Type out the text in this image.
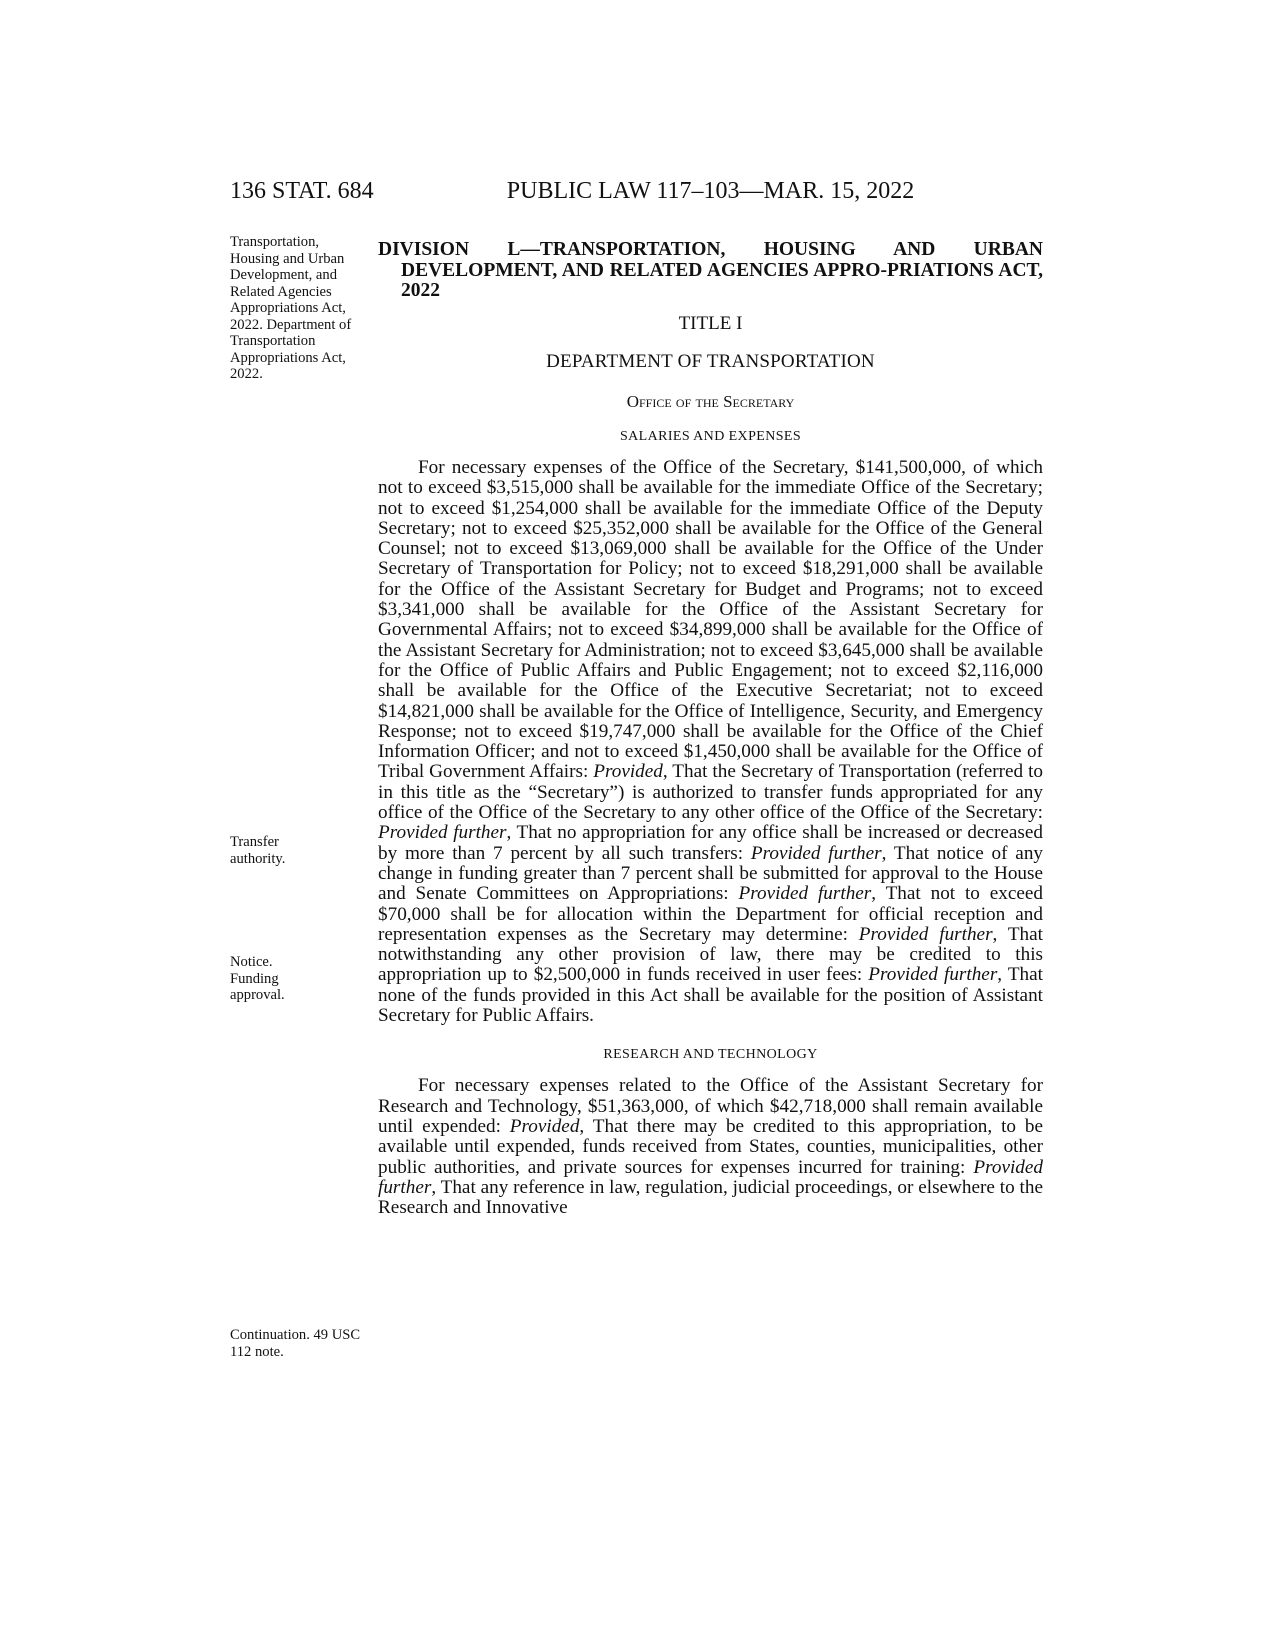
136 STAT. 684	PUBLIC LAW 117–103—MAR. 15, 2022
Transportation, Housing and Urban Development, and Related Agencies Appropriations Act, 2022. Department of Transportation Appropriations Act, 2022.
Transfer authority.
Notice. Funding approval.
Continuation. 49 USC 112 note.

DIVISION L—TRANSPORTATION, HOUSING AND URBAN DEVELOPMENT, AND RELATED AGENCIES APPRO-PRIATIONS ACT, 2022

TITLE I

DEPARTMENT OF TRANSPORTATION

Office of the Secretary

SALARIES AND EXPENSES

For necessary expenses of the Office of the Secretary, $141,500,000, of which not to exceed $3,515,000 shall be available for the immediate Office of the Secretary; not to exceed $1,254,000 shall be available for the immediate Office of the Deputy Secretary; not to exceed $25,352,000 shall be available for the Office of the General Counsel; not to exceed $13,069,000 shall be available for the Office of the Under Secretary of Transportation for Policy; not to exceed $18,291,000 shall be available for the Office of the Assistant Secretary for Budget and Programs; not to exceed $3,341,000 shall be available for the Office of the Assistant Secretary for Governmental Affairs; not to exceed $34,899,000 shall be available for the Office of the Assistant Secretary for Administration; not to exceed $3,645,000 shall be available for the Office of Public Affairs and Public Engagement; not to exceed $2,116,000 shall be available for the Office of the Executive Secretariat; not to exceed $14,821,000 shall be available for the Office of Intelligence, Security, and Emergency Response; not to exceed $19,747,000 shall be available for the Office of the Chief Information Officer; and not to exceed $1,450,000 shall be available for the Office of Tribal Government Affairs: Provided, That the Secretary of Transportation (referred to in this title as the “Secretary”) is authorized to transfer funds appropriated for any office of the Office of the Secretary to any other office of the Office of the Secretary: Provided further, That no appropriation for any office shall be increased or decreased by more than 7 percent by all such transfers: Provided further, That notice of any change in funding greater than 7 percent shall be submitted for approval to the House and Senate Committees on Appropriations: Provided further, That not to exceed $70,000 shall be for allocation within the Department for official reception and representation expenses as the Secretary may determine: Provided further, That notwithstanding any other provision of law, there may be credited to this appropriation up to $2,500,000 in funds received in user fees: Provided further, That none of the funds provided in this Act shall be available for the position of Assistant Secretary for Public Affairs.

RESEARCH AND TECHNOLOGY

For necessary expenses related to the Office of the Assistant Secretary for Research and Technology, $51,363,000, of which $42,718,000 shall remain available until expended: Provided, That there may be credited to this appropriation, to be available until expended, funds received from States, counties, municipalities, other public authorities, and private sources for expenses incurred for training: Provided further, That any reference in law, regulation, judicial proceedings, or elsewhere to the Research and Innovative
